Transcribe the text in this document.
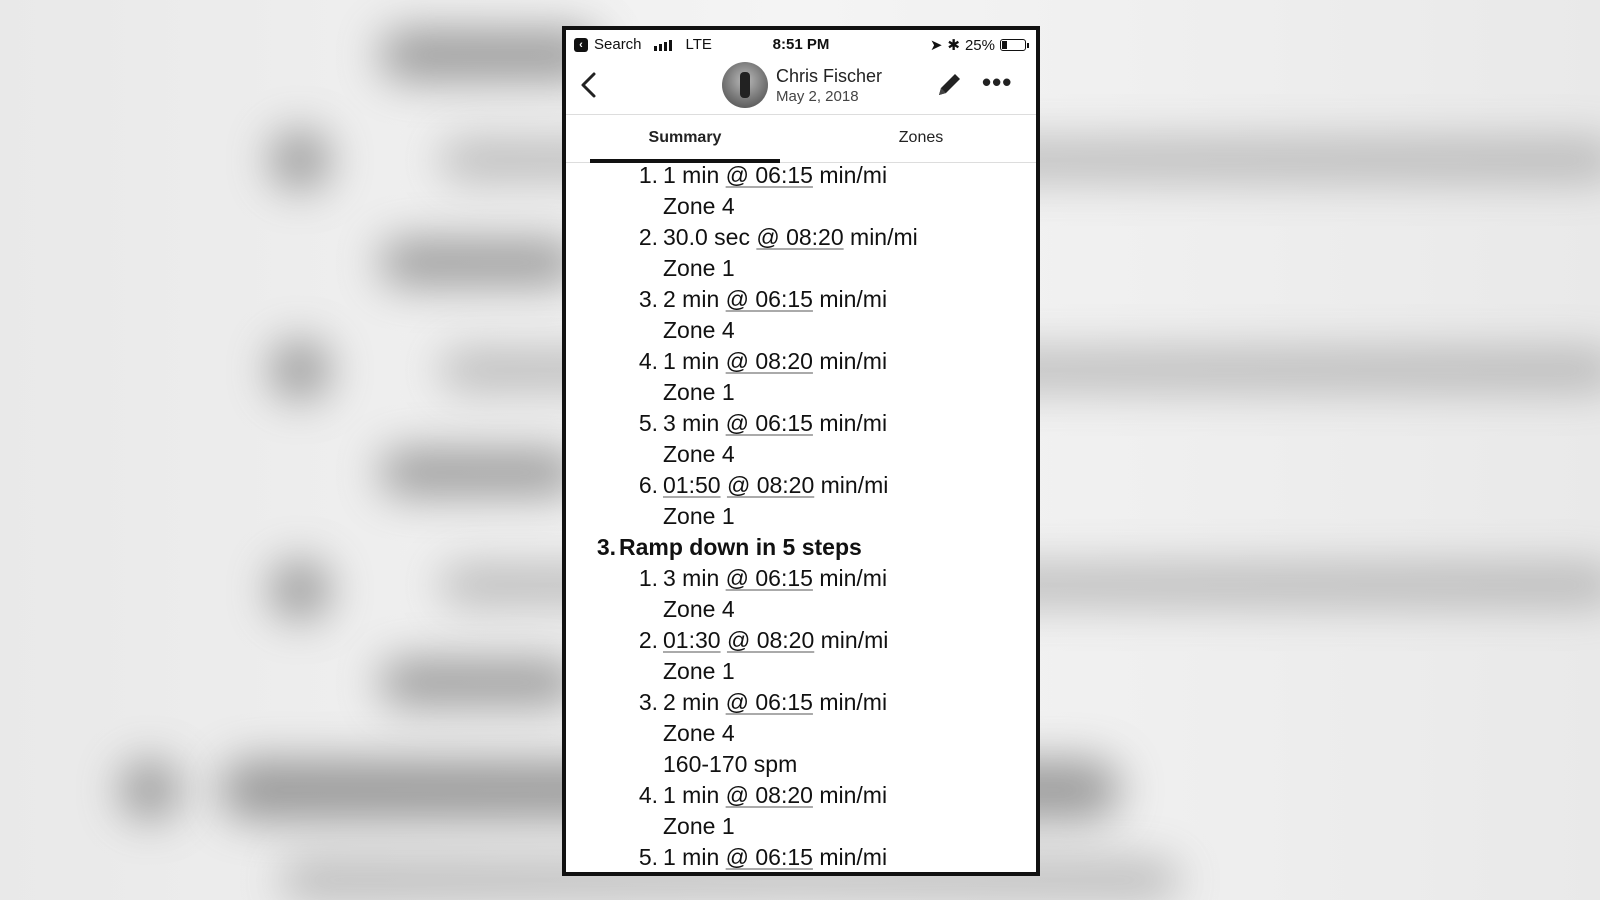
‹ Search	LTE	8:51 PM	➤ ✱ 25%
Chris Fischer
May 2, 2018	•••
Summary	Zones
1. 1 min @ 06:15 min/mi
Zone 4
2. 30.0 sec @ 08:20 min/mi
Zone 1
3. 2 min @ 06:15 min/mi
Zone 4
4. 1 min @ 08:20 min/mi
Zone 1
5. 3 min @ 06:15 min/mi
Zone 4
6. 01:50 @ 08:20 min/mi
Zone 1
3. Ramp down in 5 steps
1. 3 min @ 06:15 min/mi
Zone 4
2. 01:30 @ 08:20 min/mi
Zone 1
3. 2 min @ 06:15 min/mi
Zone 4
160-170 spm
4. 1 min @ 08:20 min/mi
Zone 1
5. 1 min @ 06:15 min/mi
